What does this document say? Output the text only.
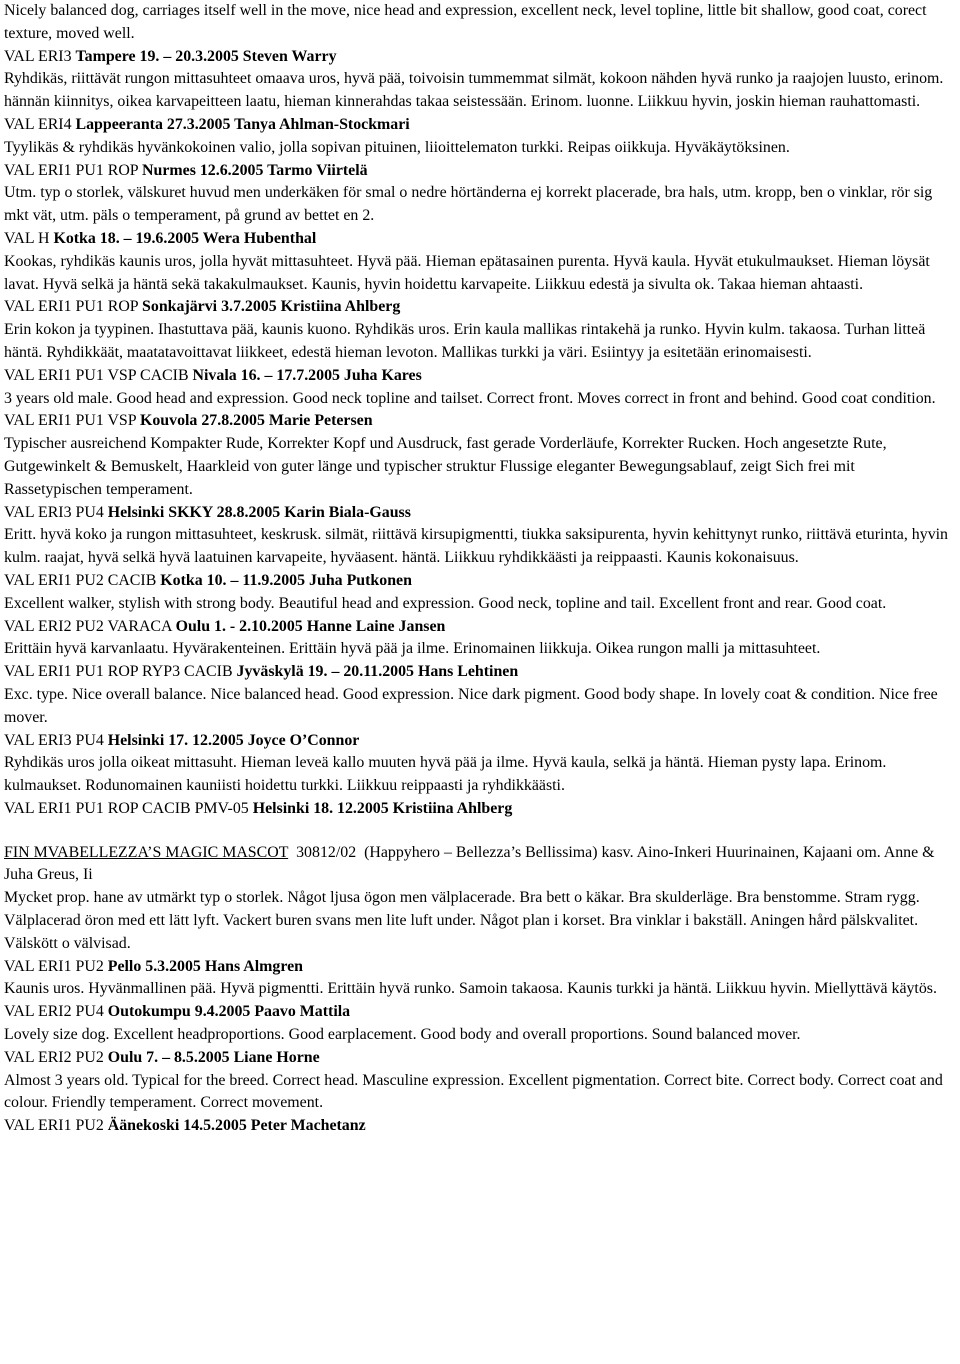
Nicely balanced dog, carriages itself well in the move, nice head and expression, excellent neck, level topline, little bit shallow, good coat, corect texture, moved well.

VAL ERI3 Tampere 19. – 20.3.2005 Steven Warry

Ryhdikäs, riittävät rungon mittasuhteet omaava uros, hyvä pää, toivoisin tummemmat silmät, kokoon nähden hyvä runko ja raajojen luusto, erinom. hännän kiinnitys, oikea karvapeitteen laatu, hieman kinnerahdas takaa seistessään. Erinom. luonne. Liikkuu hyvin, joskin hieman rauhattomasti.

VAL ERI4 Lappeeranta 27.3.2005 Tanya Ahlman-Stockmari

Tyylikäs & ryhdikäs hyvänkokoinen valio, jolla sopivan pituinen, liioittelematon turkki. Reipas oiikkuja. Hyväkäytöksinen.

VAL ERI1 PU1 ROP Nurmes 12.6.2005 Tarmo Viirtelä

Utm. typ o storlek, välskuret huvud men underkäken för smal o nedre hörtänderna ej korrekt placerade, bra hals, utm. kropp, ben o vinklar, rör sig mkt vät, utm. päls o temperament, på grund av bettet en 2.

VAL H Kotka 18. – 19.6.2005 Wera Hubenthal

Kookas, ryhdikäs kaunis uros, jolla hyvät mittasuhteet. Hyvä pää. Hieman epätasainen purenta. Hyvä kaula. Hyvät etukulmaukset. Hieman löysät lavat. Hyvä selkä ja häntä sekä takakulmaukset. Kaunis, hyvin hoidettu karvapeite. Liikkuu edestä ja sivulta ok. Takaa hieman ahtaasti.

VAL ERI1 PU1 ROP Sonkajärvi 3.7.2005 Kristiina Ahlberg

Erin kokon ja tyypinen. Ihastuttava pää, kaunis kuono. Ryhdikäs uros. Erin kaula mallikas rintakehä ja runko. Hyvin kulm. takaosa. Turhan litteä häntä. Ryhdikkäät, maatatavoittavat liikkeet, edestä hieman levoton. Mallikas turkki ja väri. Esiintyy ja esitetään erinomaisesti.

VAL ERI1 PU1 VSP CACIB Nivala 16. – 17.7.2005 Juha Kares

3 years old male. Good head and expression. Good neck topline and tailset. Correct front. Moves correct in front and behind. Good coat condition.

VAL ERI1 PU1 VSP Kouvola 27.8.2005 Marie Petersen

Typischer ausreichend Kompakter Rude, Korrekter Kopf und Ausdruck, fast gerade Vorderläufe, Korrekter Rucken. Hoch angesetzte Rute, Gutgewinkelt & Bemuskelt, Haarkleid von guter länge und typischer struktur Flussige eleganter Bewegungsablauf, zeigt Sich frei mit Rassetypischen temperament.

VAL ERI3 PU4 Helsinki SKKY 28.8.2005 Karin Biala-Gauss

Eritt. hyvä koko ja rungon mittasuhteet, keskrusk. silmät, riittävä kirsupigmentti, tiukka saksipurenta, hyvin kehittynyt runko, riittävä eturinta, hyvin kulm. raajat, hyvä selkä hyvä laatuinen karvapeite, hyväasent. häntä. Liikkuu ryhdikkäästi ja reippaasti. Kaunis kokonaisuus.

VAL ERI1 PU2 CACIB Kotka 10. – 11.9.2005 Juha Putkonen

Excellent walker, stylish with strong body. Beautiful head and expression. Good neck, topline and tail. Excellent front and rear. Good coat.

VAL ERI2 PU2 VARACA Oulu 1. - 2.10.2005 Hanne Laine Jansen

Erittäin hyvä karvanlaatu. Hyvärakenteinen. Erittäin hyvä pää ja ilme. Erinomainen liikkuja. Oikea rungon malli ja mittasuhteet.

VAL ERI1 PU1 ROP RYP3 CACIB Jyväskylä 19. – 20.11.2005 Hans Lehtinen

Exc. type. Nice overall balance. Nice balanced head. Good expression. Nice dark pigment. Good body shape. In lovely coat & condition. Nice free mover.

VAL ERI3 PU4 Helsinki 17. 12.2005 Joyce O’Connor

Ryhdikäs uros jolla oikeat mittasuht. Hieman leveä kallo muuten hyvä pää ja ilme. Hyvä kaula, selkä ja häntä. Hieman pysty lapa. Erinom. kulmaukset. Rodunomainen kauniisti hoidettu turkki. Liikkuu reippaasti ja ryhdikkäästi.

VAL ERI1 PU1 ROP CACIB PMV-05 Helsinki 18. 12.2005 Kristiina Ahlberg

FIN MVABELLEZZA’S MAGIC MASCOT  30812/02  (Happyhero – Bellezza’s Bellissima) kasv. Aino-Inkeri Huurinainen, Kajaani om. Anne & Juha Greus, Ii

Mycket prop. hane av utmärkt typ o storlek. Något ljusa ögon men välplacerade. Bra bett o käkar. Bra skulderläge. Bra benstomme. Stram rygg. Välplacerad öron med ett lätt lyft. Vackert buren svans men lite luft under. Något plan i korset. Bra vinklar i bakställ. Aningen hård pälskvalitet. Välskött o välvisad.

VAL ERI1 PU2 Pello 5.3.2005 Hans Almgren

Kaunis uros. Hyvänmallinen pää. Hyvä pigmentti. Erittäin hyvä runko. Samoin takaosa. Kaunis turkki ja häntä. Liikkuu hyvin. Miellyttävä käytös.

VAL ERI2 PU4 Outokumpu 9.4.2005 Paavo Mattila

Lovely size dog. Excellent headproportions. Good earplacement. Good body and overall proportions. Sound balanced mover.

VAL ERI2 PU2 Oulu 7. – 8.5.2005 Liane Horne

Almost 3 years old. Typical for the breed. Correct head. Masculine expression. Excellent pigmentation. Correct bite. Correct body. Correct coat and colour. Friendly temperament. Correct movement.

VAL ERI1 PU2 Äänekoski 14.5.2005 Peter Machetanz
